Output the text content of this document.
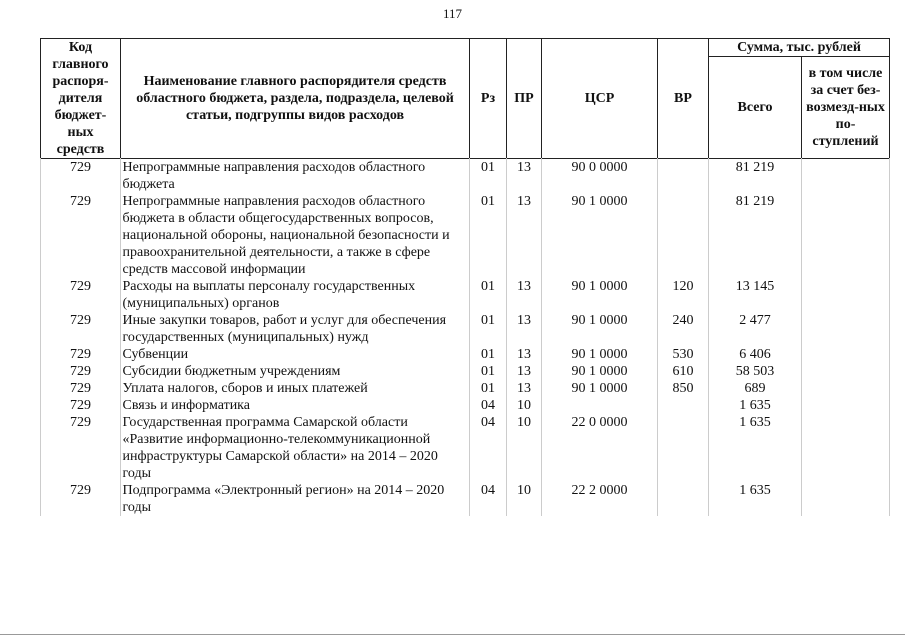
117
Код главного распоря-дителя бюджет-ных средств	Наименование главного распорядителя средств областного бюджета, раздела, подраздела, целевой статьи, подгруппы видов расходов	Рз	ПР	ЦСР	ВР	Сумма, тыс. рублей	
						Всего	в том числе за счет без-возмезд-ных по-ступлений
729	Непрограммные направления расходов областного бюджета	01	13	90 0 0000		81 219	
729	Непрограммные направления расходов областного бюджета в области общегосударственных вопросов, национальной обороны, национальной безопасности и правоохранительной деятельности, а также в сфере средств массовой информации	01	13	90 1 0000		81 219	
729	Расходы на выплаты персоналу государственных (муниципальных) органов	01	13	90 1 0000	120	13 145	
729	Иные закупки товаров, работ и услуг для обеспечения государственных (муниципальных) нужд	01	13	90 1 0000	240	2 477	
729	Субвенции	01	13	90 1 0000	530	6 406	
729	Субсидии бюджетным учреждениям	01	13	90 1 0000	610	58 503	
729	Уплата налогов, сборов и иных платежей	01	13	90 1 0000	850	689	
729	Связь и информатика	04	10			1 635	
729	Государственная программа Самарской области «Развитие информационно-телекоммуникационной инфраструктуры Самарской области» на 2014 – 2020 годы	04	10	22 0 0000		1 635	
729	Подпрограмма «Электронный регион» на 2014 – 2020 годы	04	10	22 2 0000		1 635	
